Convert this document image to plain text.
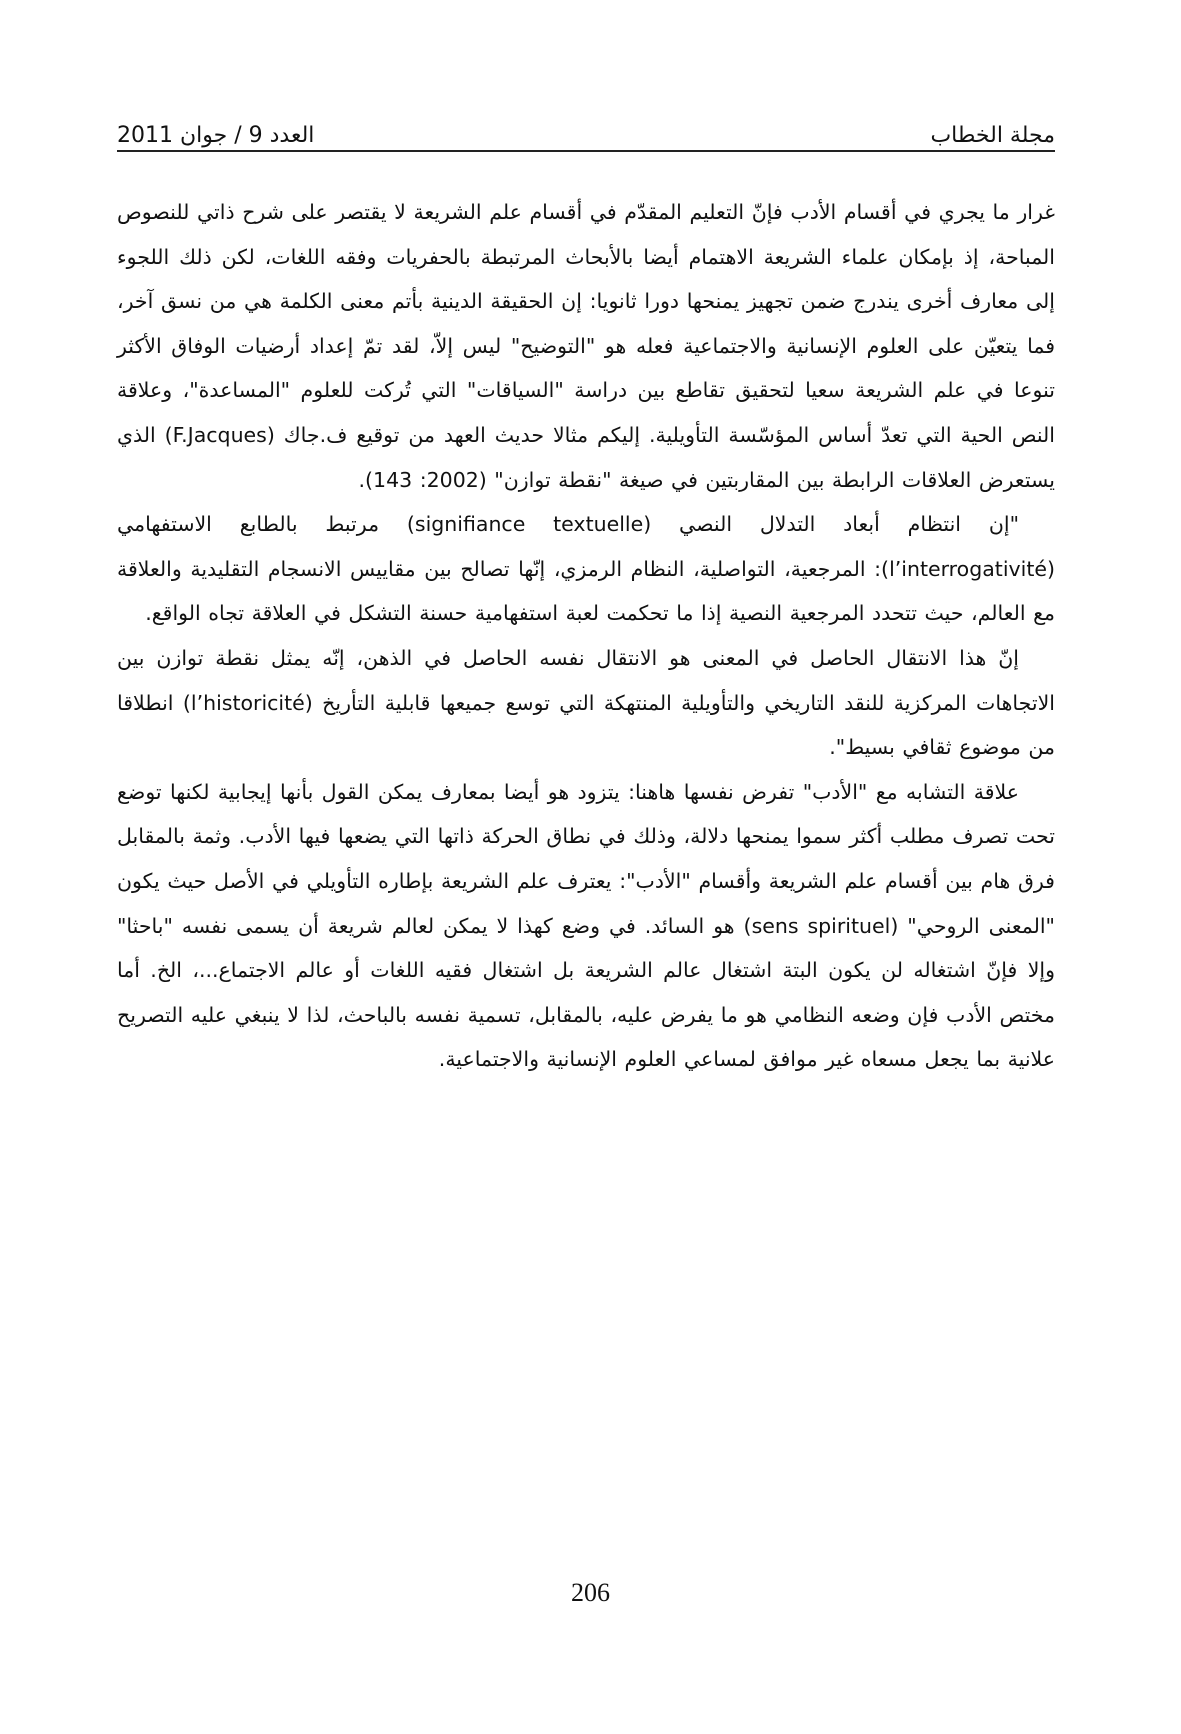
العدد 9 / جوان 2011	مجلة الخطاب

غرار ما يجري في أقسام الأدب فإنّ التعليم المقدّم في أقسام علم الشريعة لا يقتصر على شرح ذاتي للنصوص المباحة، إذ بإمكان علماء الشريعة الاهتمام أيضا بالأبحاث المرتبطة بالحفريات وفقه اللغات، لكن ذلك اللجوء إلى معارف أخرى يندرج ضمن تجهيز يمنحها دورا ثانويا: إن الحقيقة الدينية بأتم معنى الكلمة هي من نسق آخر، فما يتعيّن على العلوم الإنسانية والاجتماعية فعله هو "التوضيح" ليس إلاّ، لقد تمّ إعداد أرضيات الوفاق الأكثر تنوعا في علم الشريعة سعيا لتحقيق تقاطع بين دراسة "السياقات" التي تُركت للعلوم "المساعدة"، وعلاقة النص الحية التي تعدّ أساس المؤسّسة التأويلية. إليكم مثالا حديث العهد من توقيع ف.جاك (F.Jacques) الذي يستعرض العلاقات الرابطة بين المقاربتين في صيغة "نقطة توازن" (2002: 143).

"إن انتظام أبعاد التدلال النصي (signifiance textuelle) مرتبط بالطابع الاستفهامي (l’interrogativité): المرجعية، التواصلية، النظام الرمزي، إنّها تصالح بين مقاييس الانسجام التقليدية والعلاقة مع العالم، حيث تتحدد المرجعية النصية إذا ما تحكمت لعبة استفهامية حسنة التشكل في العلاقة تجاه الواقع.

إنّ هذا الانتقال الحاصل في المعنى هو الانتقال نفسه الحاصل في الذهن، إنّه يمثل نقطة توازن بين الاتجاهات المركزية للنقد التاريخي والتأويلية المنتهكة التي توسع جميعها قابلية التأريخ (l’historicité) انطلاقا من موضوع ثقافي بسيط".

علاقة التشابه مع "الأدب" تفرض نفسها هاهنا: يتزود هو أيضا بمعارف يمكن القول بأنها إيجابية لكنها توضع تحت تصرف مطلب أكثر سموا يمنحها دلالة، وذلك في نطاق الحركة ذاتها التي يضعها فيها الأدب. وثمة بالمقابل فرق هام بين أقسام علم الشريعة وأقسام "الأدب": يعترف علم الشريعة بإطاره التأويلي في الأصل حيث يكون "المعنى الروحي" (sens spirituel) هو السائد. في وضع كهذا لا يمكن لعالم شريعة أن يسمى نفسه "باحثا" وإلا فإنّ اشتغاله لن يكون البتة اشتغال عالم الشريعة بل اشتغال فقيه اللغات أو عالم الاجتماع...، الخ. أما مختص الأدب فإن وضعه النظامي هو ما يفرض عليه، بالمقابل، تسمية نفسه بالباحث، لذا لا ينبغي عليه التصريح علانية بما يجعل مسعاه غير موافق لمساعي العلوم الإنسانية والاجتماعية.

206
